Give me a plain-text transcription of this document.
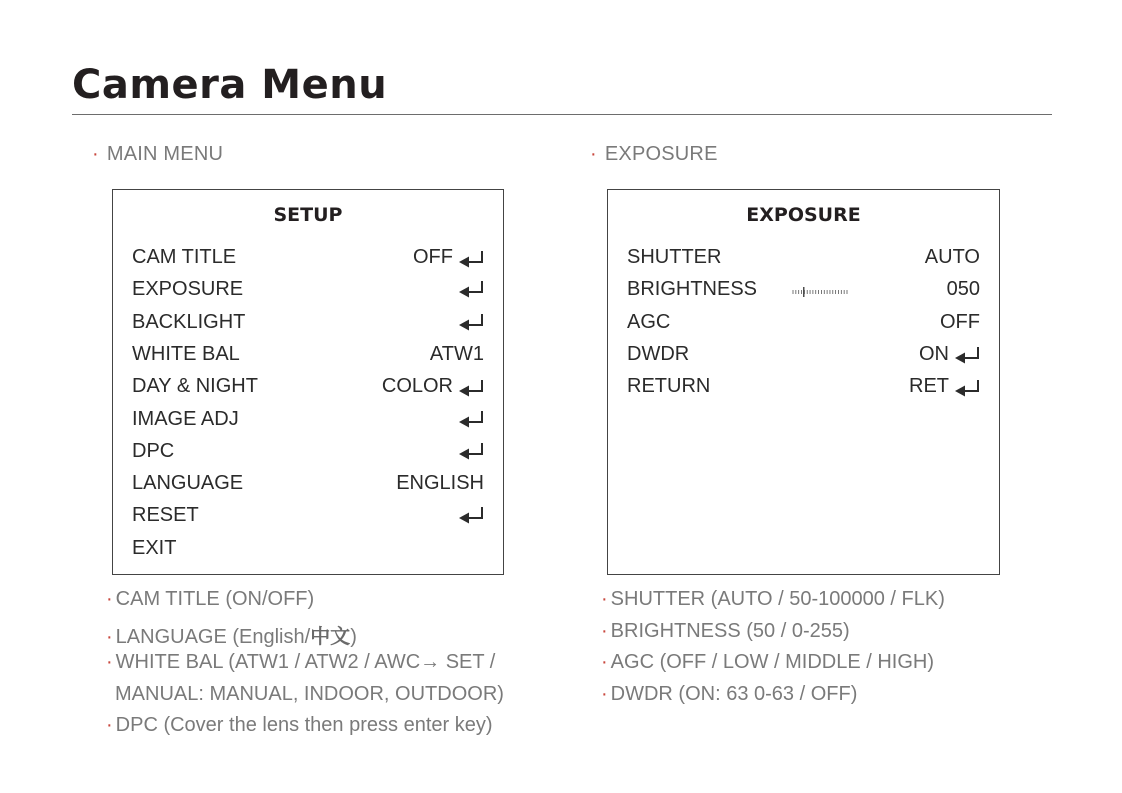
Camera Menu
· MAIN MENU
SETUP
CAM TITLE	OFF
EXPOSURE
BACKLIGHT
WHITE BAL	ATW1
DAY & NIGHT	COLOR
IMAGE ADJ
DPC
LANGUAGE	ENGLISH
RESET
EXIT
· CAM TITLE (ON/OFF)
· LANGUAGE (English/中文)
· WHITE BAL (ATW1 / ATW2 / AWC→ SET /
MANUAL: MANUAL, INDOOR, OUTDOOR)
· DPC (Cover the lens then press enter key)
· EXPOSURE
EXPOSURE
SHUTTER	AUTO
BRIGHTNESS	050
AGC	OFF
DWDR	ON
RETURN	RET
· SHUTTER (AUTO / 50-100000 / FLK)
· BRIGHTNESS (50 / 0-255)
· AGC (OFF / LOW / MIDDLE / HIGH)
· DWDR (ON: 63 0-63 / OFF)
